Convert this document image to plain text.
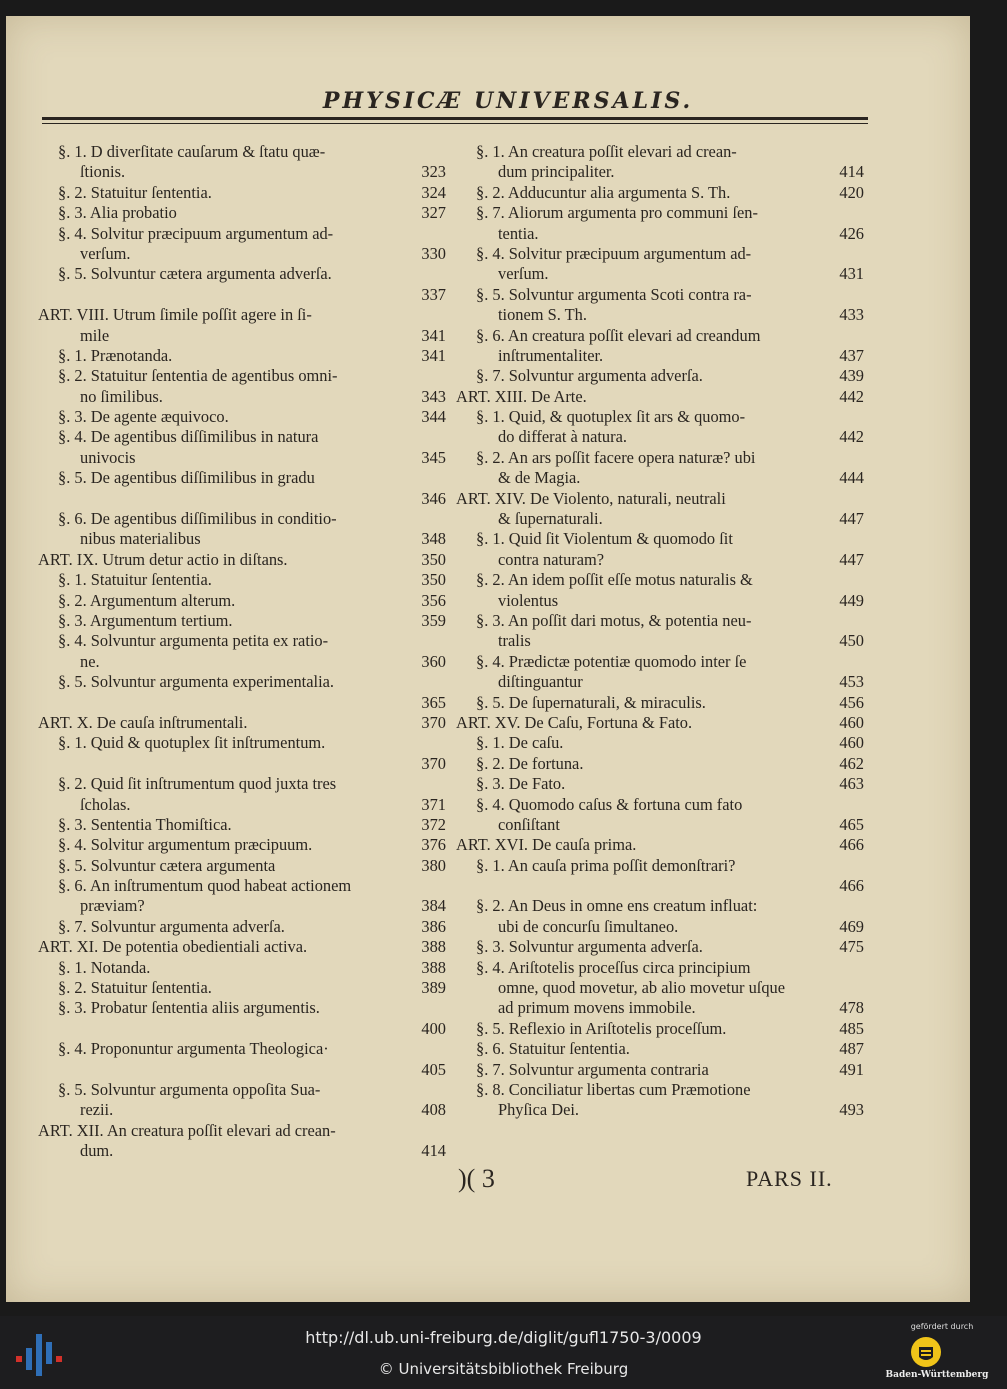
PHYSICÆ UNIVERSALIS.
§. 1. D diverſitate cauſarum & ſtatu quæ-
ſtionis.	323
§. 2. Statuitur ſententia.	324
§. 3. Alia probatio	327
§. 4. Solvitur præcipuum argumentum ad-
verſum.	330
§. 5. Solvuntur cætera argumenta adverſa.
337
ART. VIII. Utrum ſimile poſſit agere in ſi-
mile	341
§. 1. Prænotanda.	341
§. 2. Statuitur ſententia de agentibus omni-
no ſimilibus.	343
§. 3. De agente æquivoco.	344
§. 4. De agentibus diſſimilibus in natura
univocis	345
§. 5. De agentibus diſſimilibus in gradu
346
§. 6. De agentibus diſſimilibus in conditio-
nibus materialibus	348
ART. IX. Utrum detur actio in diſtans.	350
§. 1. Statuitur ſententia.	350
§. 2. Argumentum alterum.	356
§. 3. Argumentum tertium.	359
§. 4. Solvuntur argumenta petita ex ratio-
ne.	360
§. 5. Solvuntur argumenta experimentalia.
365
ART. X. De cauſa inſtrumentali.	370
§. 1. Quid & quotuplex ſit inſtrumentum.
370
§. 2. Quid ſit inſtrumentum quod juxta tres
ſcholas.	371
§. 3. Sententia Thomiſtica.	372
§. 4. Solvitur argumentum præcipuum.	376
§. 5. Solvuntur cætera argumenta	380
§. 6. An inſtrumentum quod habeat actionem
præviam?	384
§. 7. Solvuntur argumenta adverſa.	386
ART. XI. De potentia obedientiali activa.	388
§. 1. Notanda.	388
§. 2. Statuitur ſententia.	389
§. 3. Probatur ſententia aliis argumentis.
400
§. 4. Proponuntur argumenta Theologica·
405
§. 5. Solvuntur argumenta oppoſita Sua-
rezii.	408
ART. XII. An creatura poſſit elevari ad crean-
dum.	414
§. 1. An creatura poſſit elevari ad crean-
dum principaliter.	414
§. 2. Adducuntur alia argumenta S. Th.	420
§. 7. Aliorum argumenta pro communi ſen-
tentia.	426
§. 4. Solvitur præcipuum argumentum ad-
verſum.	431
§. 5. Solvuntur argumenta Scoti contra ra-
tionem S. Th.	433
§. 6. An creatura poſſit elevari ad creandum
inſtrumentaliter.	437
§. 7. Solvuntur argumenta adverſa.	439
ART. XIII. De Arte.	442
§. 1. Quid, & quotuplex ſit ars & quomo-
do differat à natura.	442
§. 2. An ars poſſit facere opera naturæ? ubi
& de Magia.	444
ART. XIV. De Violento, naturali, neutrali
& ſupernaturali.	447
§. 1. Quid ſit Violentum & quomodo ſit
contra naturam?	447
§. 2. An idem poſſit eſſe motus naturalis &
violentus	449
§. 3. An poſſit dari motus, & potentia neu-
tralis	450
§. 4. Prædictæ potentiæ quomodo inter ſe
diſtinguantur	453
§. 5. De ſupernaturali, & miraculis.	456
ART. XV. De Caſu, Fortuna & Fato.	460
§. 1. De caſu.	460
§. 2. De fortuna.	462
§. 3. De Fato.	463
§. 4. Quomodo caſus & fortuna cum fato
conſiſtant	465
ART. XVI. De cauſa prima.	466
§. 1. An cauſa prima poſſit demonſtrari?
466
§. 2. An Deus in omne ens creatum influat:
ubi de concurſu ſimultaneo.	469
§. 3. Solvuntur argumenta adverſa.	475
§. 4. Ariſtotelis proceſſus circa principium
omne, quod movetur, ab alio movetur uſque
ad primum movens immobile.	478
§. 5. Reflexio in Ariſtotelis proceſſum.	485
§. 6. Statuitur ſententia.	487
§. 7. Solvuntur argumenta contraria	491
§. 8. Conciliatur libertas cum Præmotione
Phyſica Dei.	493
)( 3	PARS II.
http://dl.ub.uni-freiburg.de/diglit/gufl1750-3/0009
© Universitätsbibliothek Freiburg
gefördert durch
Baden-Württemberg
